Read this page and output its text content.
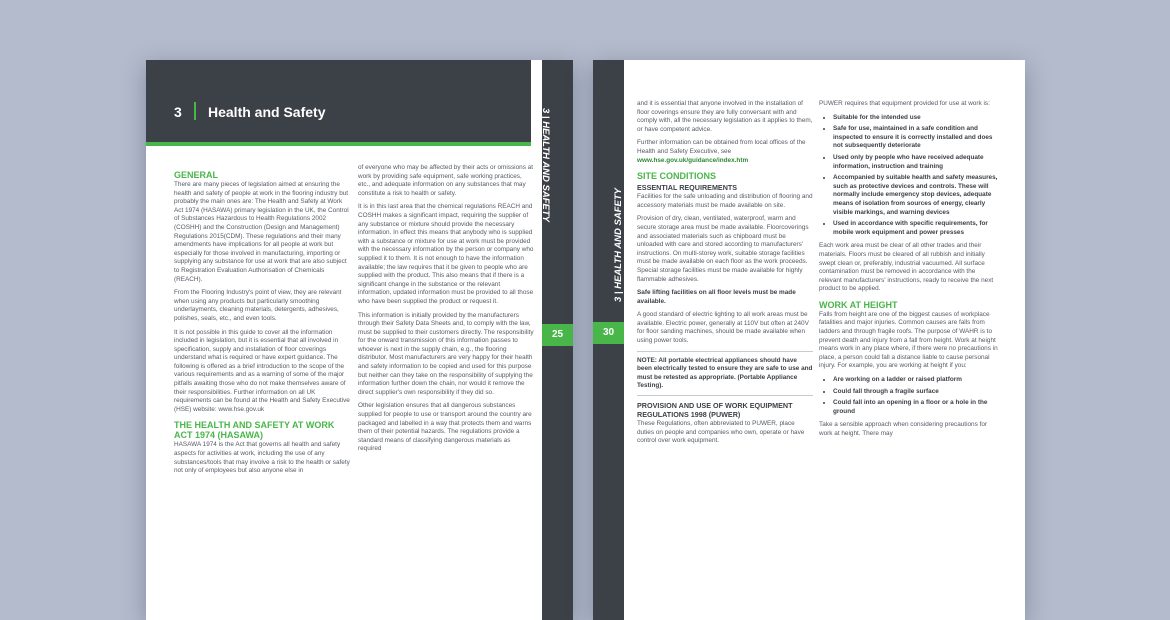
3 Health and Safety	3 | HEALTH AND SAFETY
25
GENERAL

There are many pieces of legislation aimed at ensuring the health and safety of people at work in the flooring industry but probably the main ones are: The Health and Safety at Work Act 1974 (HASAWA) primary legislation in the UK, the Control of Substances Hazardous to Health Regulations 2002 (COSHH) and the Construction (Design and Management) Regulations 2015(CDM). These regulations and their many amendments have implications for all people at work but especially for those involved in manufacturing, importing or supplying any substance for use at work that are also subject to Registration Evaluation Authorisation of Chemicals (REACH).

From the Flooring Industry's point of view, they are relevant when using any products but particularly smoothing underlayments, cleaning materials, detergents, adhesives, polishes, seals, etc., and even tools.

It is not possible in this guide to cover all the information included in legislation, but it is essential that all involved in specification, supply and installation of floor coverings understand what is required or have expert guidance. The following is offered as a brief introduction to the scope of the various requirements and as a warning of some of the major pitfalls awaiting those who do not make themselves aware of their responsibilities. Further information on all UK requirements can be found at the Health and Safety Executive (HSE) website: www.hse.gov.uk

THE HEALTH AND SAFETY AT WORK ACT 1974 (HASAWA)

HASAWA 1974 is the Act that governs all health and safety aspects for activities at work, including the use of any substances/tools that may involve a risk to the health or safety not only of employees but also anyone else in

of everyone who may be affected by their acts or omissions at work by providing safe equipment, safe working practices, etc., and adequate information on any substances that may constitute a risk to health or safety.

It is in this last area that the chemical regulations REACH and COSHH makes a significant impact, requiring the supplier of any substance or mixture should provide the necessary information. In effect this means that anybody who is supplied with a substance or mixture for use at work must be provided with the necessary information by the person or company who supplied it to them. It is not enough to have the information available; the law requires that it be given to people who are supplied with the product. This also means that if there is a significant change in the substance or the relevant information, updated information must be provided to all those who have been supplied the product or request it.

This information is initially provided by the manufacturers through their Safety Data Sheets and, to comply with the law, must be supplied to their customers directly. The responsibility for the onward transmission of this information passes to whoever is next in the supply chain, e.g., the flooring distributor. Most manufacturers are very happy for their health and safety information to be copied and used for this purpose but neither can they take on the responsibility of supplying the information further down the chain, nor would it remove the direct supplier's own responsibility if they did so.

Other legislation ensures that all dangerous substances supplied for people to use or transport around the country are packaged and labelled in a way that protects them and warns them of their potential hazards. The regulations provide a standard means of classifying dangerous materials as required

3 | HEALTH AND SAFETY
30

and it is essential that anyone involved in the installation of floor coverings ensure they are fully conversant with and comply with, all the necessary legislation as it applies to them, or have competent advice.

Further information can be obtained from local offices of the Health and Safety Executive, see

www.hse.gov.uk/guidance/index.htm

SITE CONDITIONS
ESSENTIAL REQUIREMENTS

Facilities for the safe unloading and distribution of flooring and accessory materials must be made available on site.

Provision of dry, clean, ventilated, waterproof, warm and secure storage area must be made available. Floorcoverings and associated materials such as chipboard must be unloaded with care and stored according to manufacturers' instructions. On multi-storey work, suitable storage facilities must be made available on each floor as the work proceeds. Special storage facilities must be made available for highly flammable adhesives.

Safe lifting facilities on all floor levels must be made available.

A good standard of electric lighting to all work areas must be available. Electric power, generally at 110V but often at 240V for floor sanding machines, should be made available when using power tools.

NOTE: All portable electrical appliances should have been electrically tested to ensure they are safe to use and must be retested as appropriate. (Portable Appliance Testing).

PROVISION AND USE OF WORK EQUIPMENT REGULATIONS 1998 (PUWER)

These Regulations, often abbreviated to PUWER, place duties on people and companies who own, operate or have control over work equipment.

PUWER requires that equipment provided for use at work is:

• Suitable for the intended use
• Safe for use, maintained in a safe condition and inspected to ensure it is correctly installed and does not subsequently deteriorate
• Used only by people who have received adequate information, instruction and training
• Accompanied by suitable health and safety measures, such as protective devices and controls. These will normally include emergency stop devices, adequate means of isolation from sources of energy, clearly visible markings, and warning devices
• Used in accordance with specific requirements, for mobile work equipment and power presses

Each work area must be clear of all other trades and their materials. Floors must be cleared of all rubbish and initially swept clean or, preferably, industrial vacuumed. All surface contamination must be removed in accordance with the relevant manufacturers' instructions, ready to receive the next product to be applied.

WORK AT HEIGHT

Falls from height are one of the biggest causes of workplace fatalities and major injuries. Common causes are falls from ladders and through fragile roofs. The purpose of WAHR is to prevent death and injury from a fall from height. Work at height means work in any place where, if there were no precautions in place, a person could fall a distance liable to cause personal injury. For example, you are working at height if you:

• Are working on a ladder or raised platform
• Could fall through a fragile surface
• Could fall into an opening in a floor or a hole in the ground

Take a sensible approach when considering precautions for work at height. There may
